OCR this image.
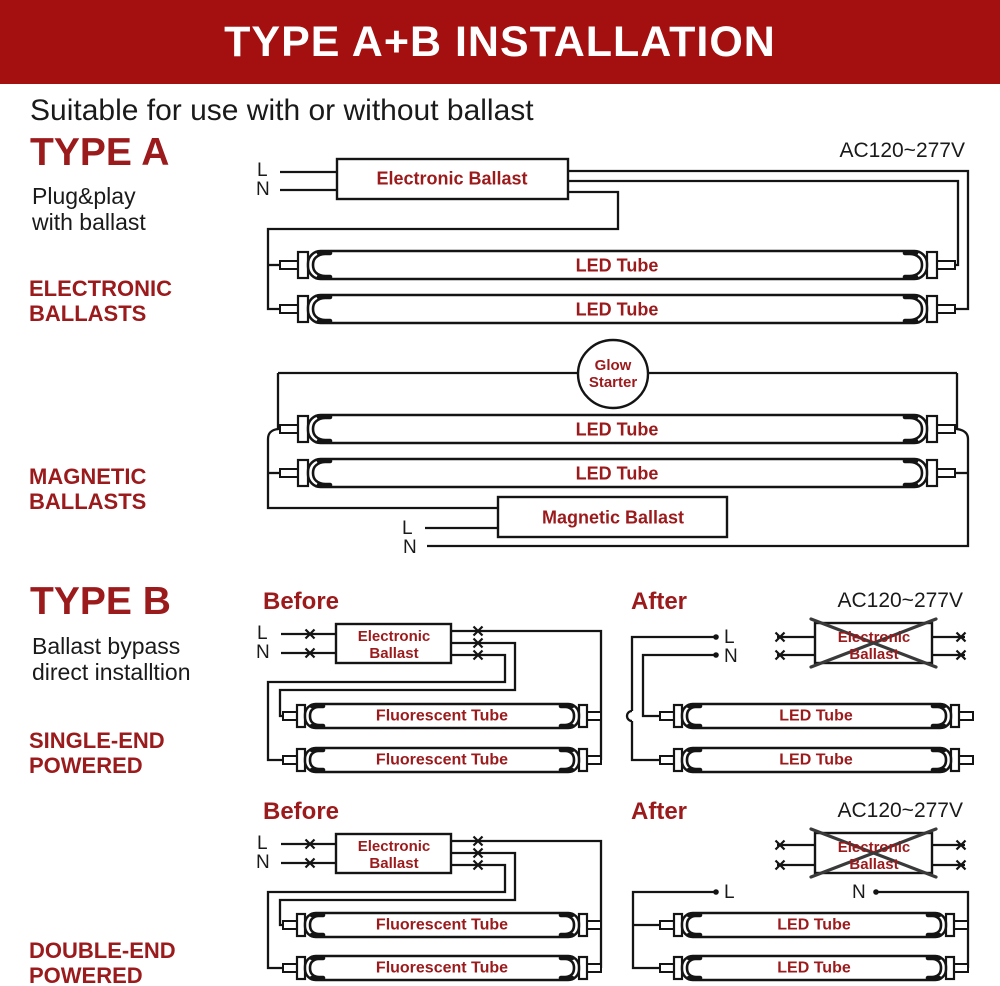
TYPE A+B INSTALLATION
Suitable for use with or without ballast
TYPE A
Plug&play
with ballast
ELECTRONIC
BALLASTS
MAGNETIC
BALLASTS
TYPE B
Ballast bypass
direct installtion
SINGLE-END
POWERED
DOUBLE-END
POWERED
AC120~277V
L
N
Electronic Ballast
LED Tube
LED Tube
Glow
Starter
LED Tube
LED Tube
Magnetic Ballast
L
N
Before
L
N
Electronic
Ballast
Fluorescent Tube
Fluorescent Tube
After	AC120~277V
L
N
Electronic
Ballast
LED Tube
LED Tube
Before
L
N
Electronic
Ballast
Fluorescent Tube
Fluorescent Tube
After	AC120~277V
Electronic
Ballast
L	N
LED Tube
LED Tube
